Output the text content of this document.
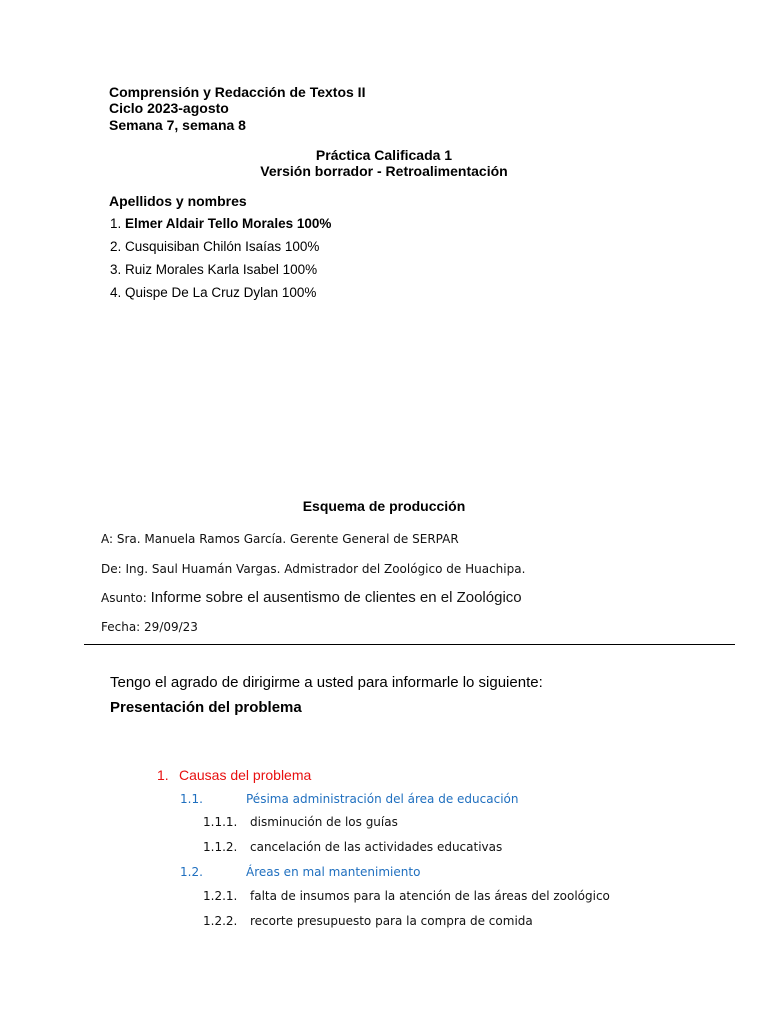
Comprensión y Redacción de Textos II
Ciclo 2023-agosto
Semana 7, semana 8
Práctica Calificada 1
Versión borrador - Retroalimentación
Apellidos y nombres
1. Elmer Aldair Tello Morales 100%
2. Cusquisiban Chilón Isaías 100%
3. Ruiz Morales Karla Isabel 100%
4. Quispe De La Cruz Dylan 100%
Esquema de producción
A: Sra. Manuela Ramos García. Gerente General de SERPAR
De: Ing. Saul Huamán Vargas. Admistrador del Zoológico de Huachipa.
Asunto: Informe sobre el ausentismo de clientes en el Zoológico
Fecha: 29/09/23
Tengo el agrado de dirigirme a usted para informarle lo siguiente:
Presentación del problema
1. Causas del problema
1.1.	Pésima administración del área de educación
1.1.1. disminución de los guías
1.1.2. cancelación de las actividades educativas
1.2.	Áreas en mal mantenimiento
1.2.1. falta de insumos para la atención de las áreas del zoológico
1.2.2. recorte presupuesto para la compra de comida
